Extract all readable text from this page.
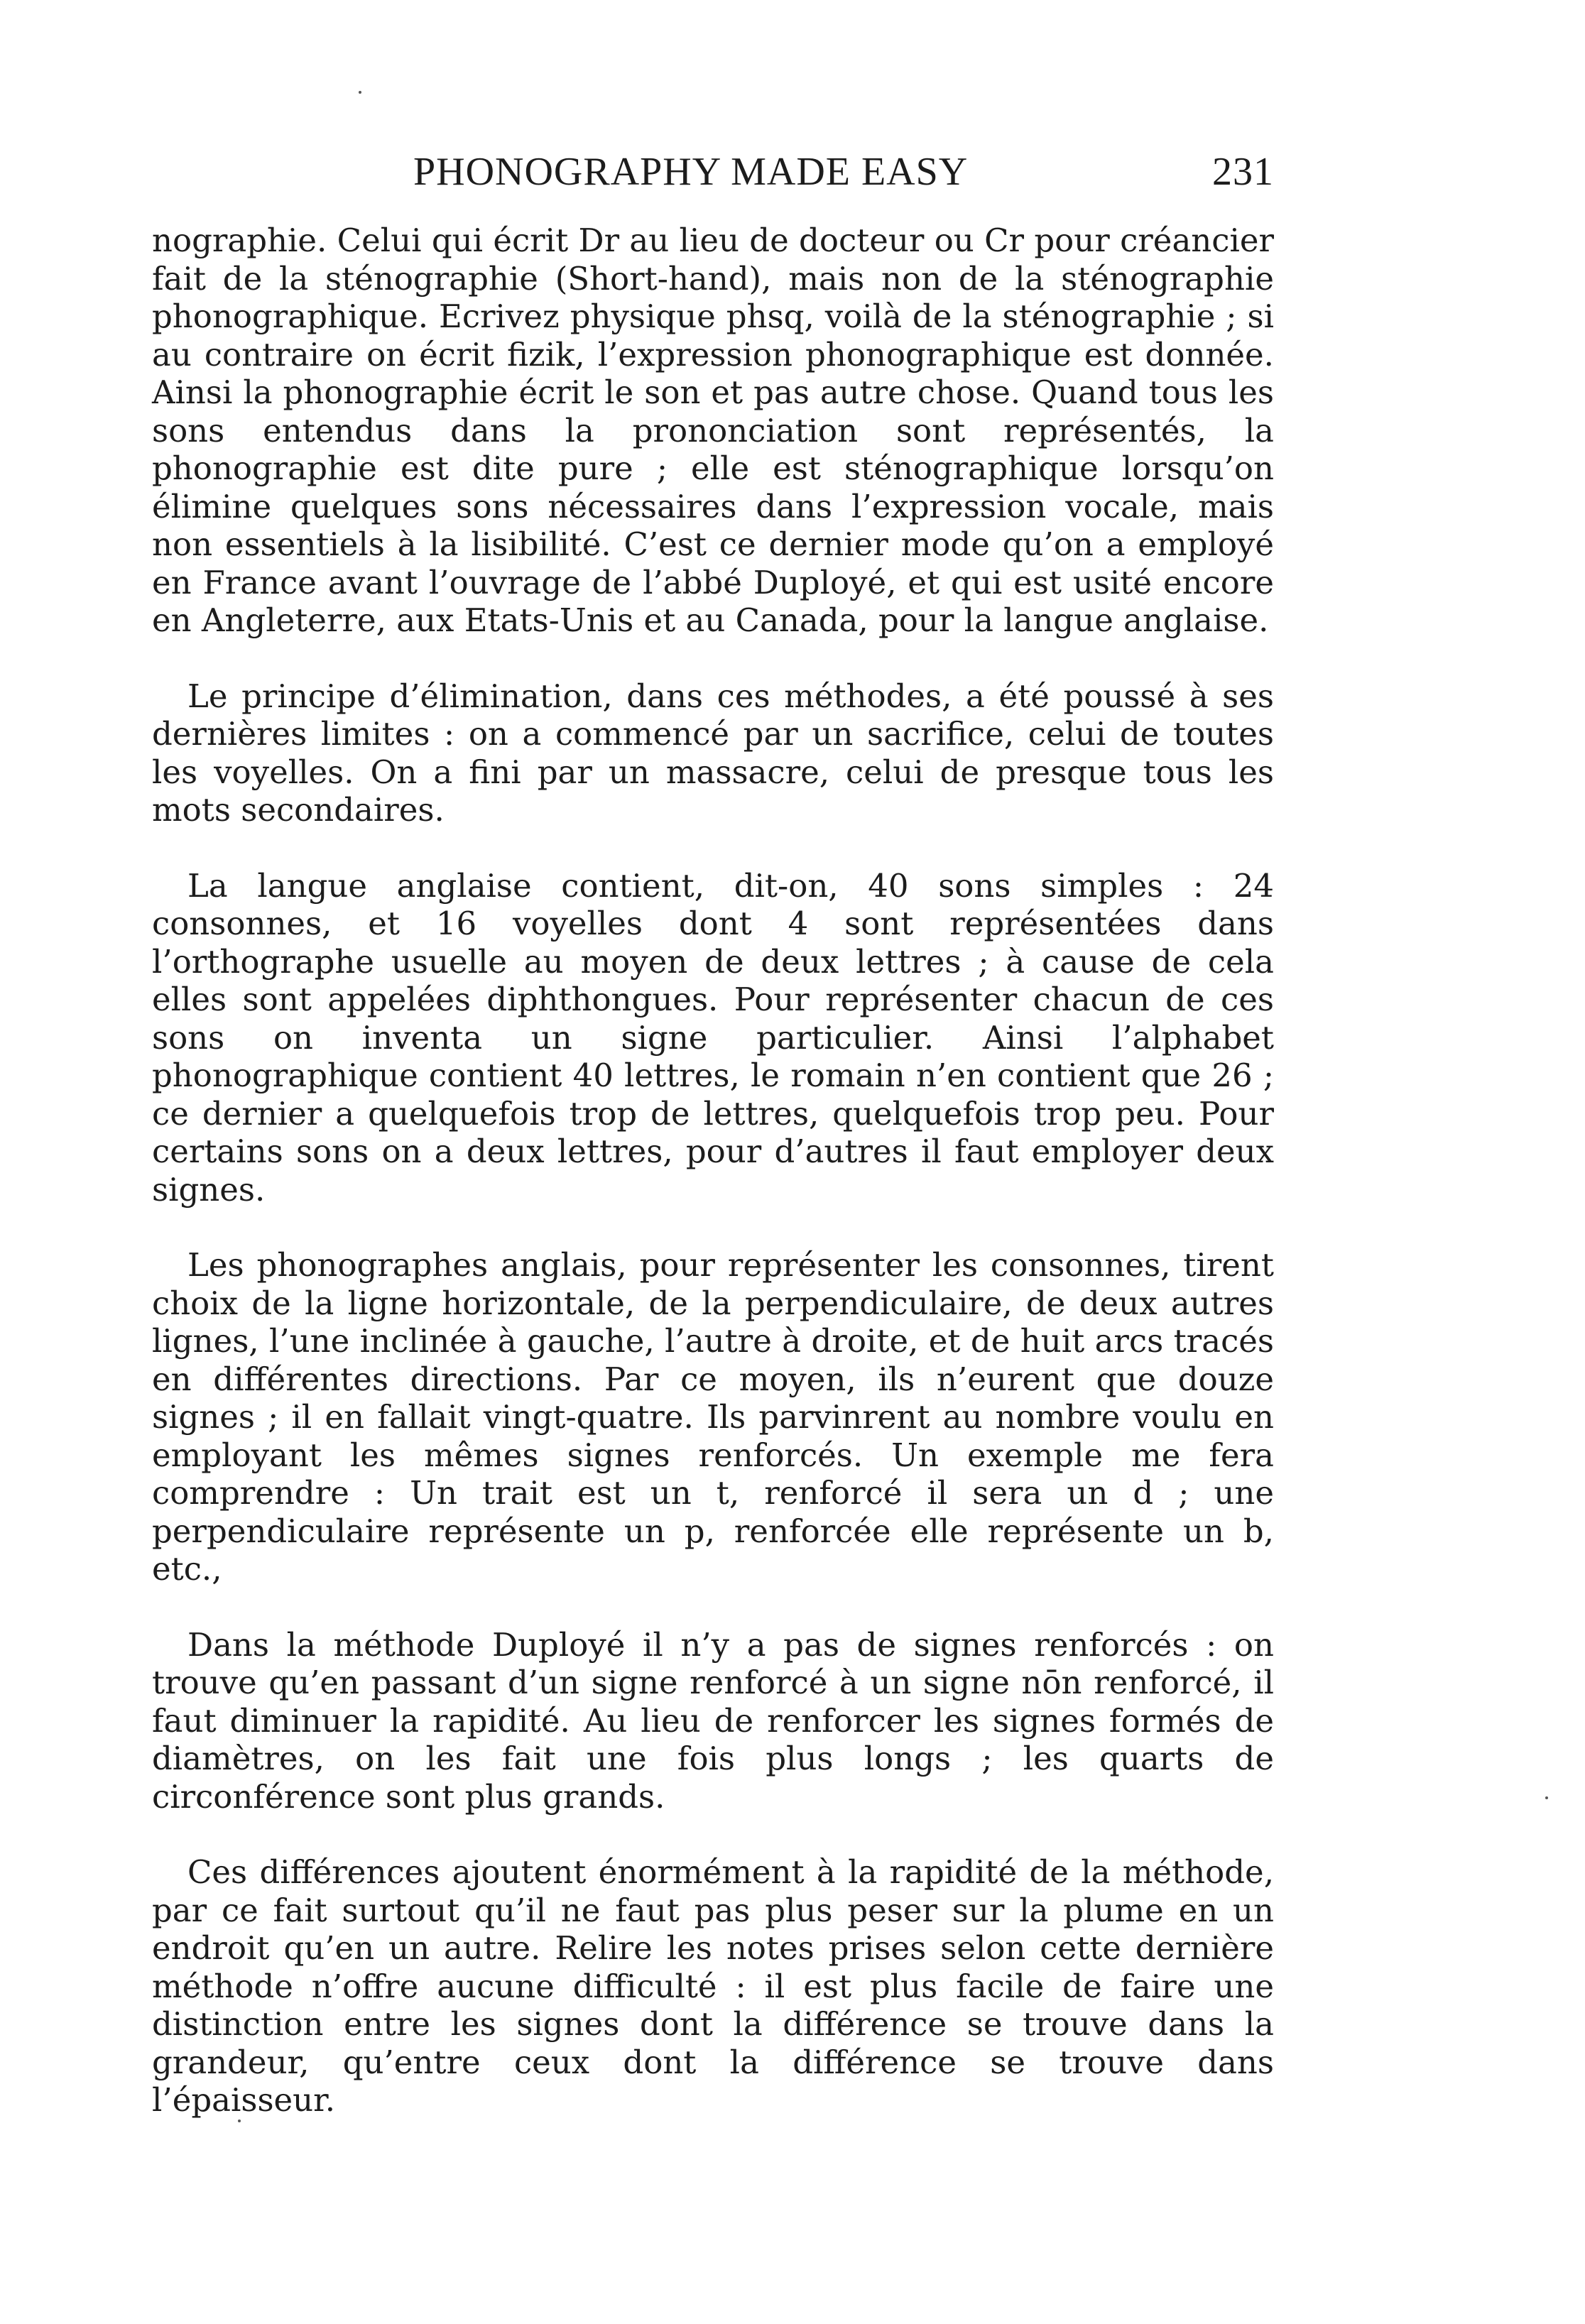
PHONOGRAPHY MADE EASY	231

nographie. Celui qui écrit Dr au lieu de docteur ou Cr pour créancier fait de la sténographie (Short-hand), mais non de la sténographie phonographique. Ecrivez physique phsq, voilà de la sténographie ; si au contraire on écrit fizik, l’expression phonographique est donnée. Ainsi la phonographie écrit le son et pas autre chose. Quand tous les sons entendus dans la prononciation sont représentés, la phonographie est dite pure ; elle est sténographique lorsqu’on élimine quelques sons nécessaires dans l’expression vocale, mais non essentiels à la lisibilité. C’est ce dernier mode qu’on a employé en France avant l’ouvrage de l’abbé Duployé, et qui est usité encore en Angleterre, aux Etats-Unis et au Canada, pour la langue anglaise.

Le principe d’élimination, dans ces méthodes, a été poussé à ses dernières limites : on a commencé par un sacrifice, celui de toutes les voyelles. On a fini par un massacre, celui de presque tous les mots secondaires.

La langue anglaise contient, dit-on, 40 sons simples : 24 consonnes, et 16 voyelles dont 4 sont représentées dans l’orthographe usuelle au moyen de deux lettres ; à cause de cela elles sont appelées diphthongues. Pour représenter chacun de ces sons on inventa un signe particulier. Ainsi l’alphabet phonographique contient 40 lettres, le romain n’en contient que 26 ; ce dernier a quelquefois trop de lettres, quelquefois trop peu. Pour certains sons on a deux lettres, pour d’autres il faut employer deux signes.

Les phonographes anglais, pour représenter les consonnes, tirent choix de la ligne horizontale, de la perpendiculaire, de deux autres lignes, l’une inclinée à gauche, l’autre à droite, et de huit arcs tracés en différentes directions. Par ce moyen, ils n’eurent que douze signes ; il en fallait vingt-quatre. Ils parvinrent au nombre voulu en employant les mêmes signes renforcés. Un exemple me fera comprendre : Un trait est un t, renforcé il sera un d ; une perpendiculaire représente un p, renforcée elle représente un b, etc.,

Dans la méthode Duployé il n’y a pas de signes renforcés : on trouve qu’en passant d’un signe renforcé à un signe nōn renforcé, il faut diminuer la rapidité. Au lieu de renforcer les signes formés de diamètres, on les fait une fois plus longs ; les quarts de circonférence sont plus grands.

Ces différences ajoutent énormément à la rapidité de la méthode, par ce fait surtout qu’il ne faut pas plus peser sur la plume en un endroit qu’en un autre. Relire les notes prises selon cette dernière méthode n’offre aucune difficulté : il est plus facile de faire une distinction entre les signes dont la différence se trouve dans la grandeur, qu’entre ceux dont la différence se trouve dans l’épaisseur.
